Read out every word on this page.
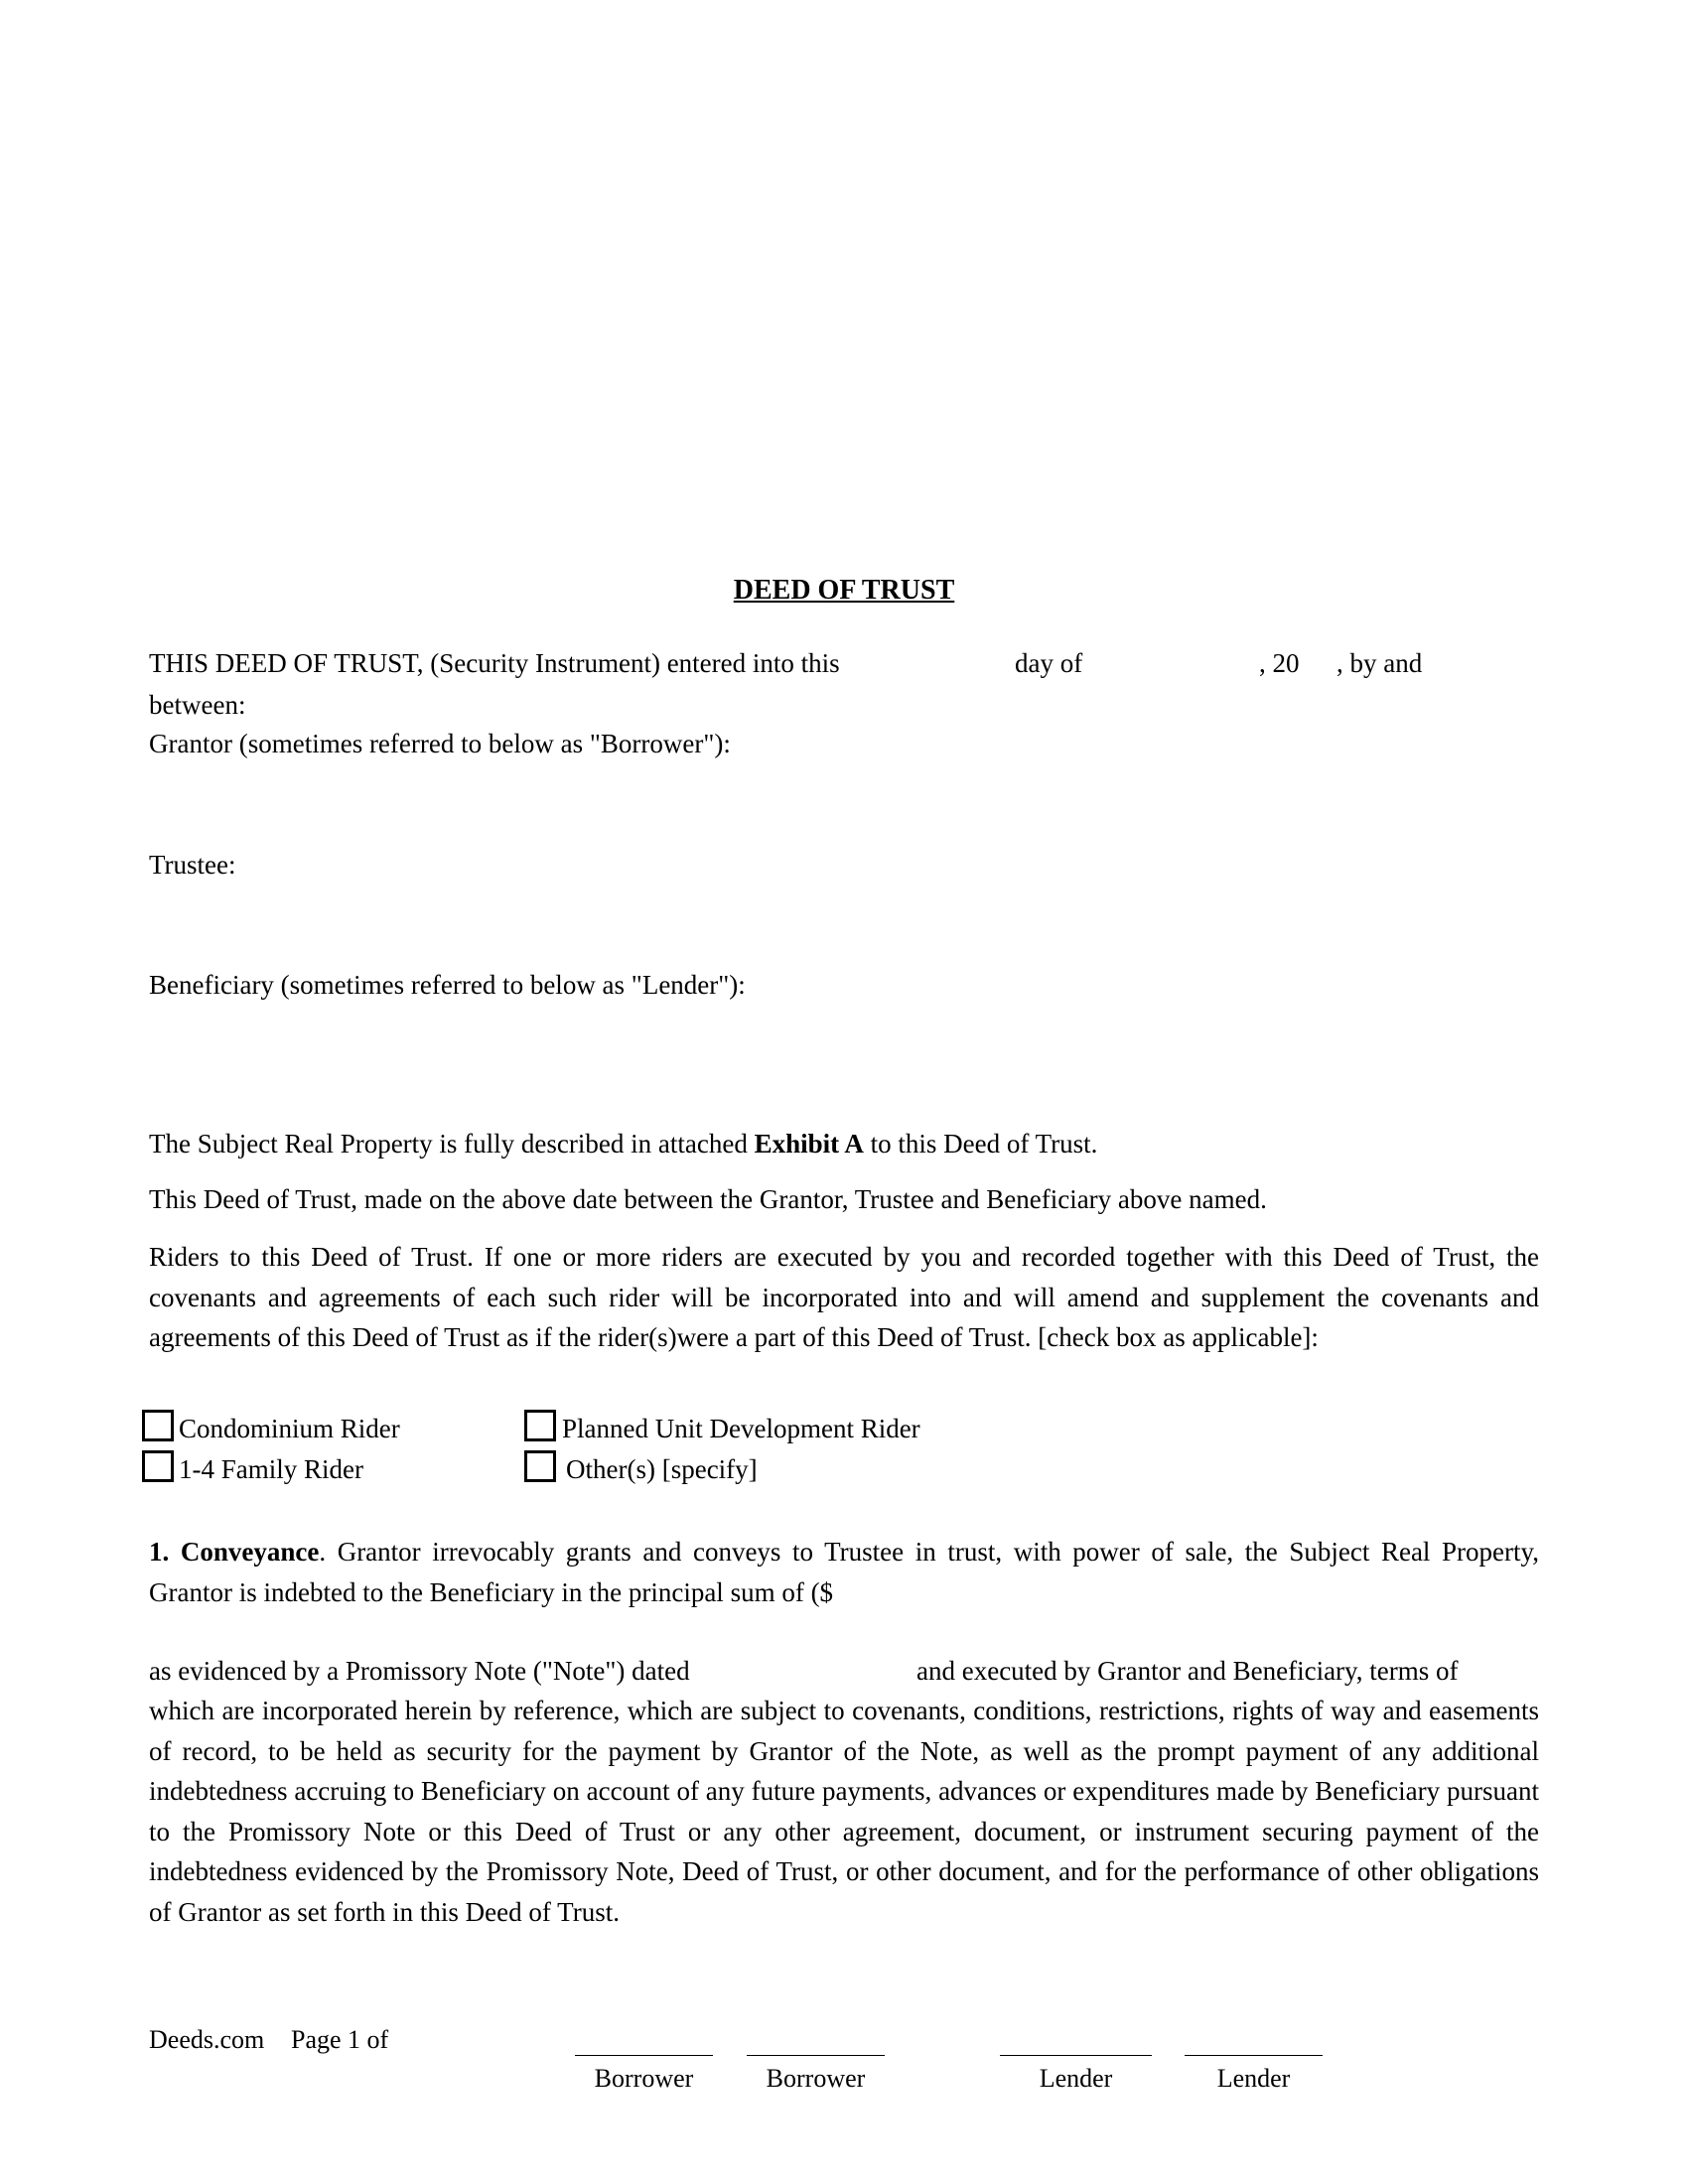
DEED OF TRUST
THIS DEED OF TRUST, (Security Instrument) entered into this	day of	, 20 , by and
between:
Grantor (sometimes referred to below as "Borrower"):
Trustee:
Beneficiary (sometimes referred to below as "Lender"):
The Subject Real Property is fully described in attached Exhibit A to this Deed of Trust.
This Deed of Trust, made on the above date between the Grantor, Trustee and Beneficiary above named.
Riders to this Deed of Trust. If one or more riders are executed by you and recorded together with this Deed of Trust, the covenants and agreements of each such rider will be incorporated into and will amend and supplement the covenants and agreements of this Deed of Trust as if the rider(s)were a part of this Deed of Trust. [check box as applicable]:
Condominium Rider	Planned Unit Development Rider
1-4 Family Rider	Other(s) [specify]
1. Conveyance. Grantor irrevocably grants and conveys to Trustee in trust, with power of sale, the Subject Real Property, Grantor is indebted to the Beneficiary in the principal sum of ($
as evidenced by a Promissory Note ("Note") dated	and executed by Grantor and Beneficiary, terms of
which are incorporated herein by reference, which are subject to covenants, conditions, restrictions, rights of way and easements of record, to be held as security for the payment by Grantor of the Note, as well as the prompt payment of any additional indebtedness accruing to Beneficiary on account of any future payments, advances or expenditures made by Beneficiary pursuant to the Promissory Note or this Deed of Trust or any other agreement, document, or instrument securing payment of the indebtedness evidenced by the Promissory Note, Deed of Trust, or other document, and for the performance of other obligations of Grantor as set forth in this Deed of Trust.
Deeds.com Page 1 of
Borrower	Borrower	Lender	Lender
